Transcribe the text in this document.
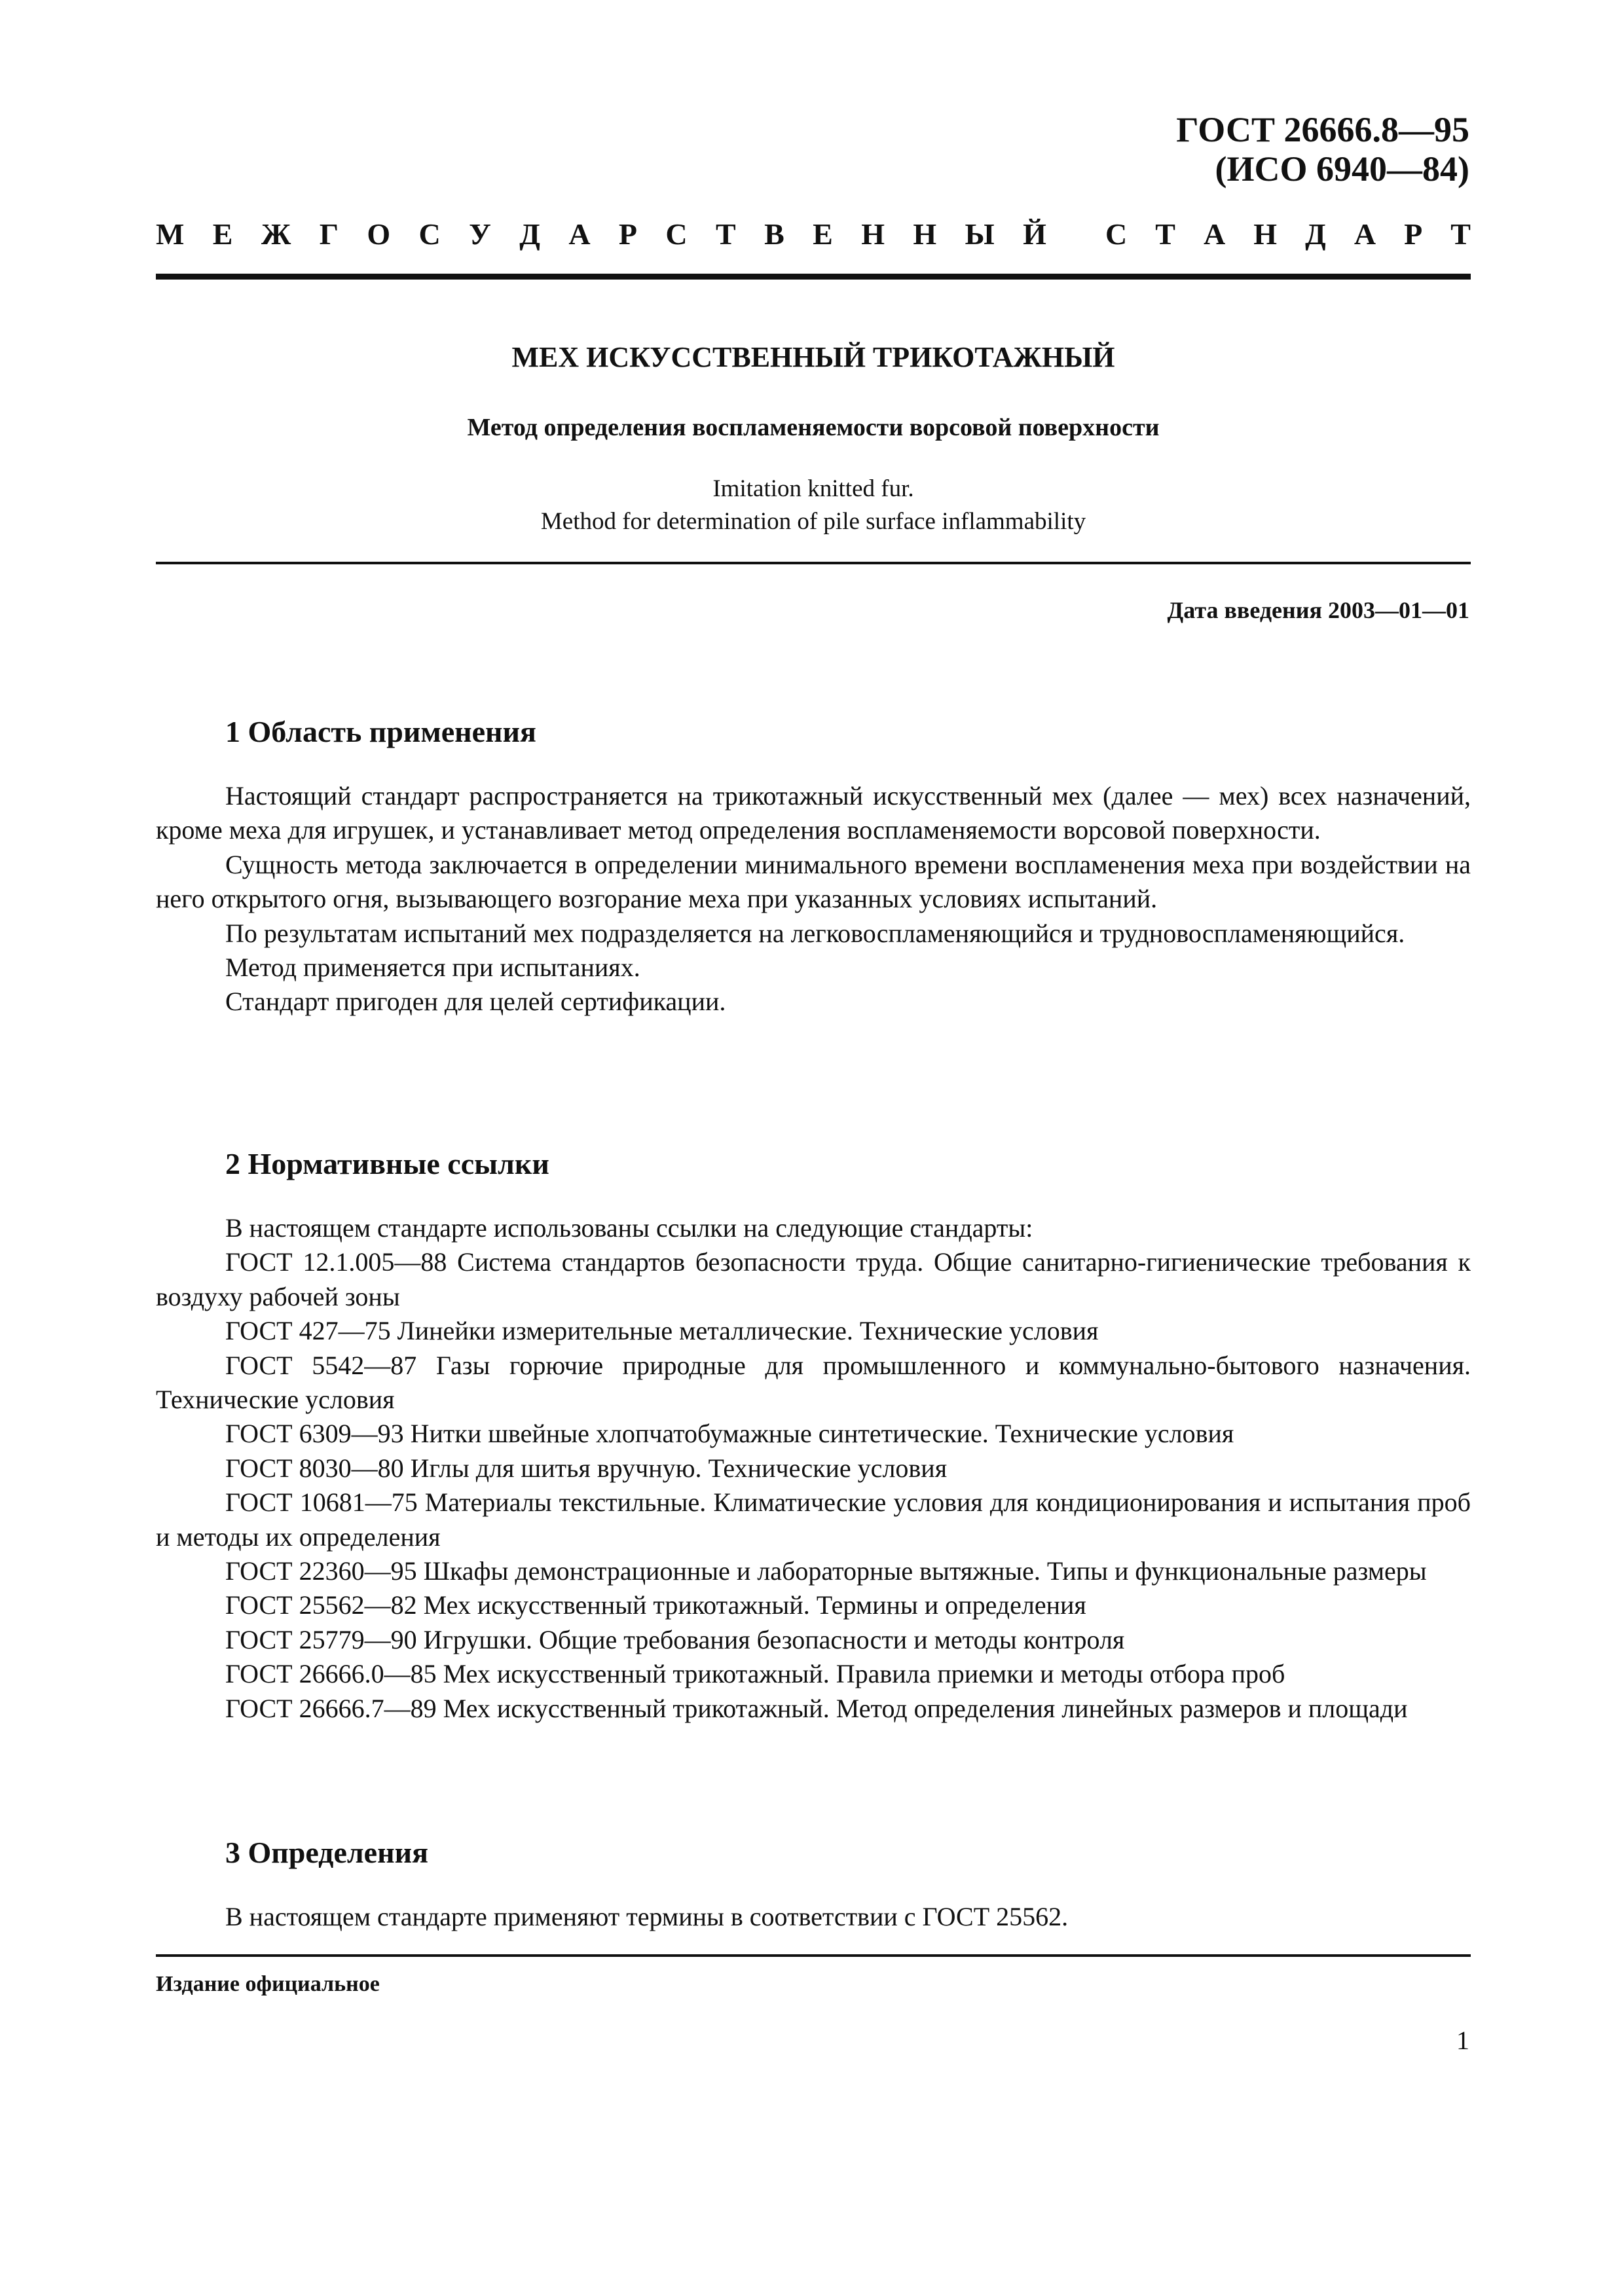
ГОСТ 26666.8—95
(ИСО 6940—84)
М Е Ж Г О С У Д А Р С Т В Е Н Н Ы Й С Т А Н Д А Р Т
МЕХ ИСКУССТВЕННЫЙ ТРИКОТАЖНЫЙ
Метод определения воспламеняемости ворсовой поверхности
Imitation knitted fur.
Method for determination of pile surface inflammability
Дата введения 2003—01—01
1 Область применения

Настоящий стандарт распространяется на трикотажный искусственный мех (далее — мех) всех назначений, кроме меха для игрушек, и устанавливает метод определения воспламеняемости ворсовой поверхности.

Сущность метода заключается в определении минимального времени воспламенения меха при воздействии на него открытого огня, вызывающего возгорание меха при указанных условиях испытаний.

По результатам испытаний мех подразделяется на легковоспламеняющийся и трудновоспламеняющийся.

Метод применяется при испытаниях.

Стандарт пригоден для целей сертификации.

2 Нормативные ссылки

В настоящем стандарте использованы ссылки на следующие стандарты:

ГОСТ 12.1.005—88 Система стандартов безопасности труда. Общие санитарно-гигиенические требования к воздуху рабочей зоны

ГОСТ 427—75 Линейки измерительные металлические. Технические условия

ГОСТ 5542—87 Газы горючие природные для промышленного и коммунально-бытового назначения. Технические условия

ГОСТ 6309—93 Нитки швейные хлопчатобумажные синтетические. Технические условия

ГОСТ 8030—80 Иглы для шитья вручную. Технические условия

ГОСТ 10681—75 Материалы текстильные. Климатические условия для кондиционирования и испытания проб и методы их определения

ГОСТ 22360—95 Шкафы демонстрационные и лабораторные вытяжные. Типы и функциональные размеры

ГОСТ 25562—82 Мех искусственный трикотажный. Термины и определения

ГОСТ 25779—90 Игрушки. Общие требования безопасности и методы контроля

ГОСТ 26666.0—85 Мех искусственный трикотажный. Правила приемки и методы отбора проб

ГОСТ 26666.7—89 Мех искусственный трикотажный. Метод определения линейных размеров и площади

3 Определения

В настоящем стандарте применяют термины в соответствии с ГОСТ 25562.

Издание официальное
1
